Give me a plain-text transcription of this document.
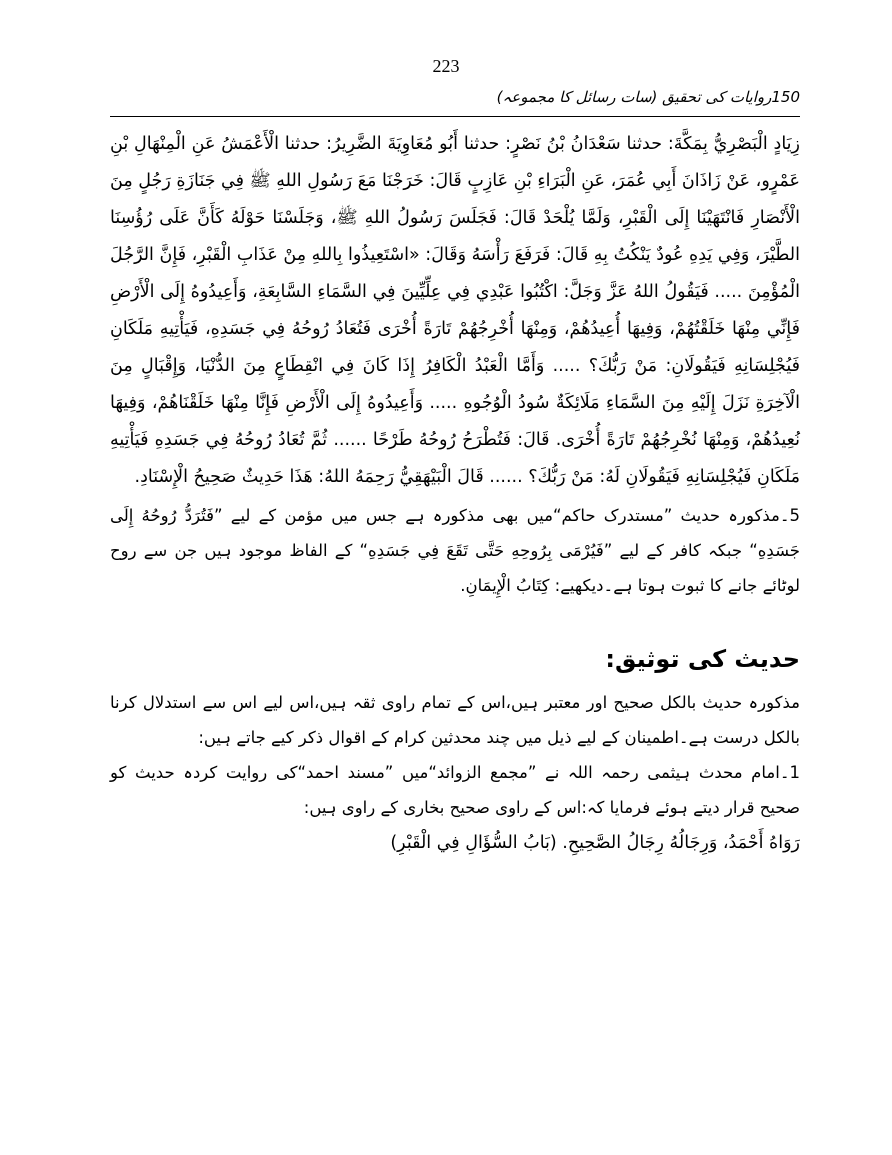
223
150روایات کی تحقیق (سات رسائل کا مجموعہ)

زِيَادٍ الْبَصْرِيُّ بِمَكَّةَ: حدثنا سَعْدَانُ بْنُ نَصْرٍ: حدثنا أَبُو مُعَاوِيَةَ الضَّرِيرُ: حدثنا الْأَعْمَشُ عَنِ الْمِنْهَالِ بْنِ عَمْرٍو، عَنْ زَاذَانَ أَبِي عُمَرَ، عَنِ الْبَرَاءِ بْنِ عَازِبٍ قَالَ: خَرَجْنَا مَعَ رَسُولِ اللهِ ﷺ فِي جَنَازَةِ رَجُلٍ مِنَ الْأَنْصَارِ فَانْتَهَيْنَا إِلَى الْقَبْرِ، وَلَمَّا يُلْحَدْ قَالَ: فَجَلَسَ رَسُولُ اللهِ ﷺ، وَجَلَسْنَا حَوْلَهُ كَأَنَّ عَلَى رُؤُسِنَا الطَّيْرَ، وَفِي يَدِهِ عُودٌ يَنْكُتُ بِهِ قَالَ: فَرَفَعَ رَأْسَهُ وَقَالَ: «اسْتَعِيذُوا بِاللهِ مِنْ عَذَابِ الْقَبْرِ، فَإِنَّ الرَّجُلَ الْمُؤْمِنَ ..... فَيَقُولُ اللهُ عَزَّ وَجَلَّ: اكْتُبُوا عَبْدِي فِي عِلِّيِّينَ فِي السَّمَاءِ السَّابِعَةِ، وَأَعِيدُوهُ إِلَى الْأَرْضِ فَإِنِّي مِنْهَا خَلَقْتُهُمْ، وَفِيهَا أُعِيدُهُمْ، وَمِنْهَا أُخْرِجُهُمْ تَارَةً أُخْرَى فَتُعَادُ رُوحُهُ فِي جَسَدِهِ، فَيَأْتِيهِ مَلَكَانِ فَيُجْلِسَانِهِ فَيَقُولَانِ: مَنْ رَبُّكَ؟ ..... وَأَمَّا الْعَبْدُ الْكَافِرُ إِذَا كَانَ فِي انْقِطَاعٍ مِنَ الدُّنْيَا، وَإِقْبَالٍ مِنَ الْآخِرَةِ نَزَلَ إِلَيْهِ مِنَ السَّمَاءِ مَلَائِكَةٌ سُودُ الْوُجُوهِ ..... وَأَعِيدُوهُ إِلَى الْأَرْضِ فَإِنَّا مِنْهَا خَلَقْنَاهُمْ، وَفِيهَا نُعِيدُهُمْ، وَمِنْهَا نُخْرِجُهُمْ تَارَةً أُخْرَى. قَالَ: فَتُطْرَحُ رُوحُهُ طَرْحًا ...... ثُمَّ تُعَادُ رُوحُهُ فِي جَسَدِهِ فَيَأْتِيهِ مَلَكَانِ فَيُجْلِسَانِهِ فَيَقُولَانِ لَهُ: مَنْ رَبُّكَ؟ ...... قَالَ الْبَيْهَقِيُّ رَحِمَهُ اللهُ: هَذَا حَدِيثٌ صَحِيحُ الْإِسْنَادِ.

5۔مذکورہ حدیث ”مستدرک حاکم“میں بھی مذکورہ ہے جس میں مؤمن کے لیے ”فَتُرَدُّ رُوحُهُ إِلَى جَسَدِهِ“ جبکہ کافر کے لیے ”فَيُرْمَى بِرُوحِهِ حَتَّى تَقَعَ فِي جَسَدِهِ“ کے الفاظ موجود ہیں جن سے روح لوٹائے جانے کا ثبوت ہوتا ہے۔دیکھیے: كِتَابُ الْإِيمَانِ.

حدیث کی توثیق:

مذکورہ حدیث بالکل صحیح اور معتبر ہیں،اس کے تمام راوی ثقہ ہیں،اس لیے اس سے استدلال کرنا بالکل درست ہے۔اطمینان کے لیے ذیل میں چند محدثین کرام کے اقوال ذکر کیے جاتے ہیں:

1۔امام محدث ہیثمی رحمہ اللہ نے ”مجمع الزوائد“میں ”مسند احمد“کی روایت کردہ حدیث کو صحیح قرار دیتے ہوئے فرمایا کہ:اس کے راوی صحیح بخاری کے راوی ہیں:

رَوَاهُ أَحْمَدُ، وَرِجَالُهُ رِجَالُ الصَّحِيحِ. (بَابُ السُّؤَالِ فِي الْقَبْرِ)
